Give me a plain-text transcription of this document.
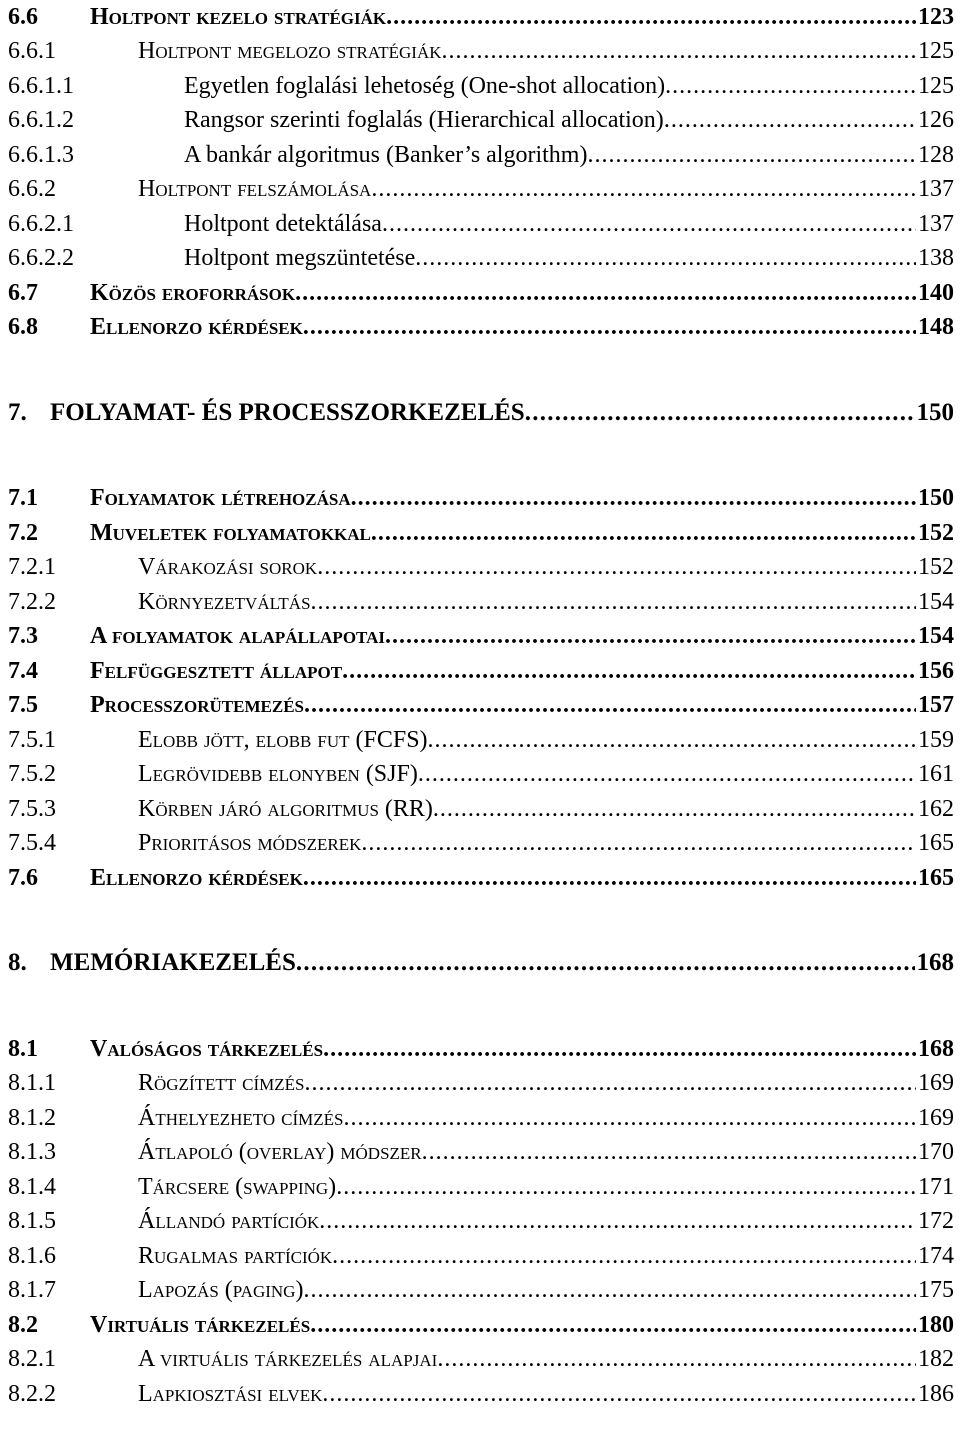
6.6	Holtpont kezelo stratégiák . . .	123
6.6.1	Holtpont megelozo stratégiák . . .	125
6.6.1.1	Egyetlen foglalási lehetoség (One-shot allocation) . . .	125
6.6.1.2	Rangsor szerinti foglalás (Hierarchical allocation) . . .	126
6.6.1.3	A bankár algoritmus (Banker’s algorithm) . . .	128
6.6.2	Holtpont felszámolása . . .	137
6.6.2.1	Holtpont detektálása . . .	137
6.6.2.2	Holtpont megszüntetése . . .	138
6.7	Közös eroforrások . . .	140
6.8	Ellenorzo kérdések . . .	148
7. FOLYAMAT- ÉS PROCESSZORKEZELÉS . . .	150
7.1	Folyamatok létrehozása . . .	150
7.2	Muveletek folyamatokkal . . .	152
7.2.1	Várakozási sorok . . .	152
7.2.2	Környezetváltás . . .	154
7.3	A folyamatok alapállapotai . . .	154
7.4	Felfüggesztett állapot . . .	156
7.5	Processzorütemezés . . .	157
7.5.1	Elobb jött, elobb fut (FCFS) . . .	159
7.5.2	Legrövidebb elonyben (SJF) . . .	161
7.5.3	Körben járó algoritmus (RR) . . .	162
7.5.4	Prioritásos módszerek . . .	165
7.6	Ellenorzo kérdések . . .	165
8. MEMÓRIAKEZELÉS . . .	168
8.1	Valóságos tárkezelés . . .	168
8.1.1	Rögzített címzés . . .	169
8.1.2	Áthelyezheto címzés . . .	169
8.1.3	Átlapoló (overlay) módszer . . .	170
8.1.4	Tárcsere (swapping) . . .	171
8.1.5	Állandó partíciók . . .	172
8.1.6	Rugalmas partíciók . . .	174
8.1.7	Lapozás (paging) . . .	175
8.2	Virtuális tárkezelés . . .	180
8.2.1	A virtuális tárkezelés alapjai . . .	182
8.2.2	Lapkiosztási elvek . . .	186
